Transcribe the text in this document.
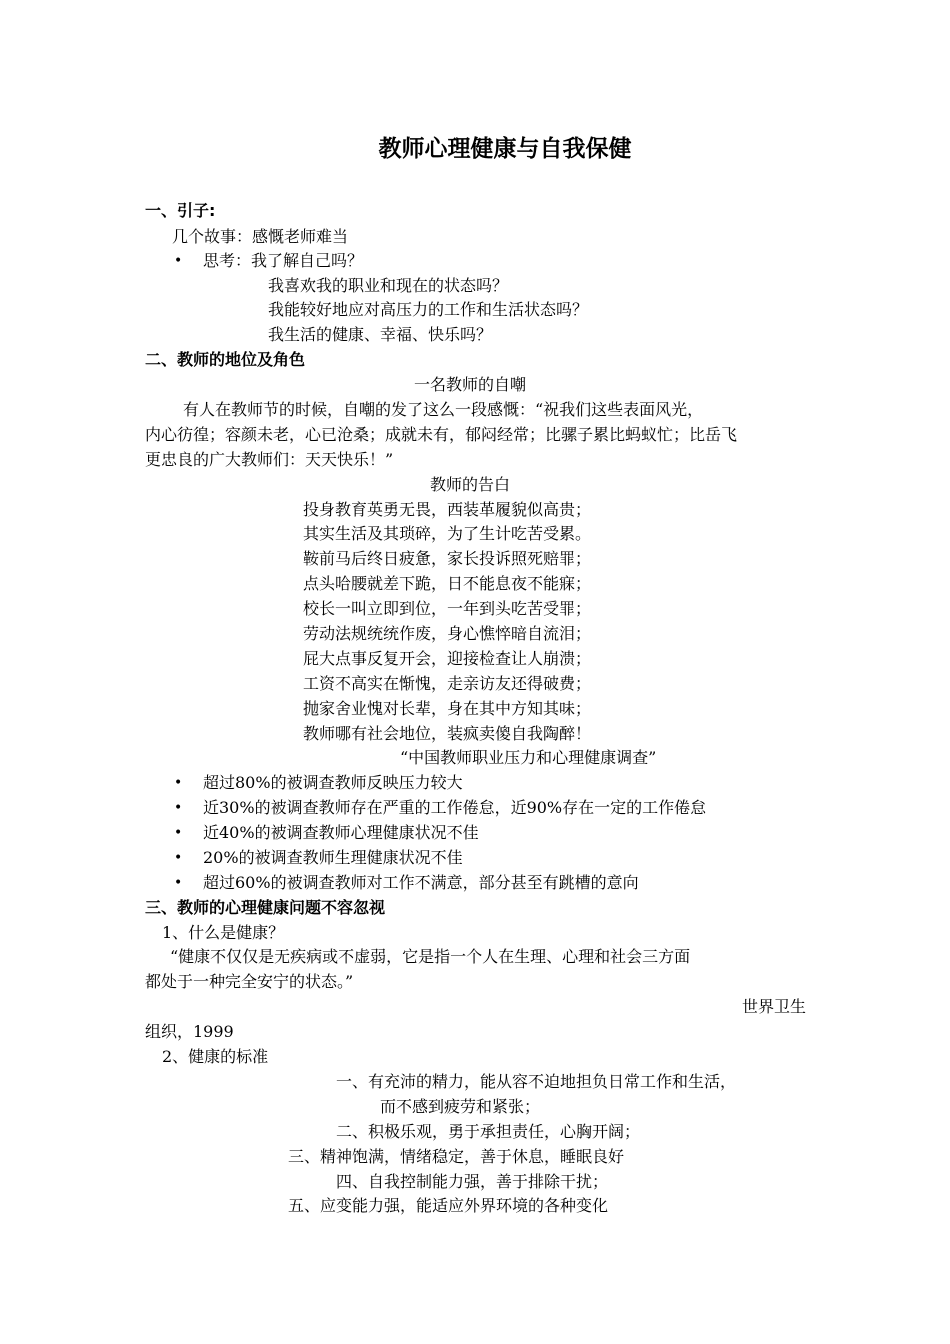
教师心理健康与自我保健
一、引子:
几个故事：感慨老师难当
• 思考：我了解自己吗？
我喜欢我的职业和现在的状态吗？
我能较好地应对高压力的工作和生活状态吗？
我生活的健康、幸福、快乐吗？
二、教师的地位及角色
一名教师的自嘲
有人在教师节的时候，自嘲的发了这么一段感慨：“祝我们这些表面风光，
内心彷徨；容颜未老，心已沧桑；成就未有，郁闷经常；比骡子累比蚂蚁忙；比岳飞
更忠良的广大教师们：天天快乐！”
教师的告白
投身教育英勇无畏，西装革履貌似高贵；
其实生活及其琐碎，为了生计吃苦受累。
鞍前马后终日疲惫，家长投诉照死赔罪；
点头哈腰就差下跪，日不能息夜不能寐；
校长一叫立即到位，一年到头吃苦受罪；
劳动法规统统作废，身心憔悴暗自流泪；
屁大点事反复开会，迎接检查让人崩溃；
工资不高实在惭愧，走亲访友还得破费；
抛家舍业愧对长辈，身在其中方知其味；
教师哪有社会地位，装疯卖傻自我陶醉！
“中国教师职业压力和心理健康调查”
• 超过80%的被调查教师反映压力较大
• 近30%的被调查教师存在严重的工作倦怠，近90%存在一定的工作倦怠
• 近40%的被调查教师心理健康状况不佳
• 20%的被调查教师生理健康状况不佳
• 超过60%的被调查教师对工作不满意，部分甚至有跳槽的意向
三、教师的心理健康问题不容忽视
1、什么是健康？
“健康不仅仅是无疾病或不虚弱，它是指一个人在生理、心理和社会三方面
都处于一种完全安宁的状态。”
世界卫生
组织，1999
2、健康的标准
一、有充沛的精力，能从容不迫地担负日常工作和生活，
而不感到疲劳和紧张；
二、积极乐观，勇于承担责任，心胸开阔；
三、精神饱满，情绪稳定，善于休息，睡眠良好
四、自我控制能力强，善于排除干扰；
五、应变能力强，能适应外界环境的各种变化
